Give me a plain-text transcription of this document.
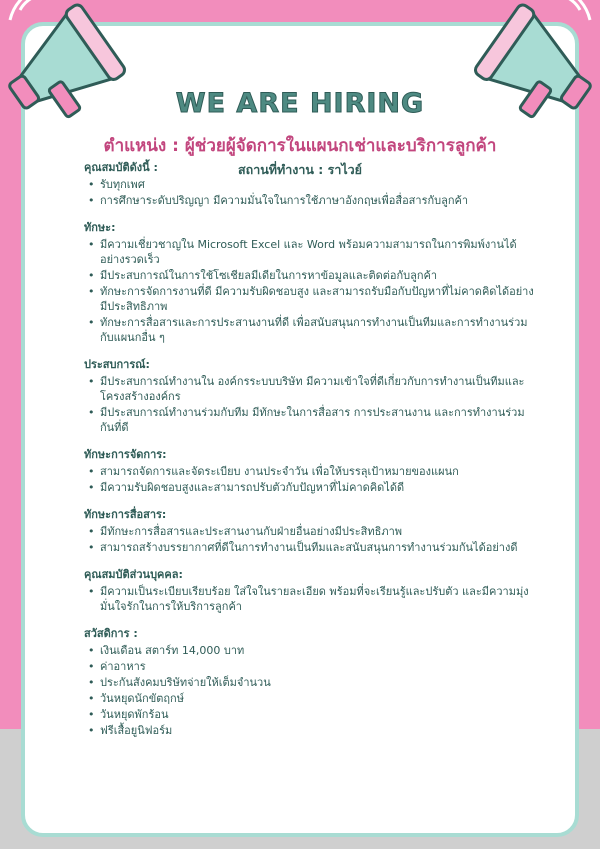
WE ARE HIRING
ตำแหน่ง : ผู้ช่วยผู้จัดการในแผนกเช่าและบริการลูกค้า
สถานที่ทำงาน : ราไวย์
คุณสมบัติดังนี้ :
• รับทุกเพศ
• การศึกษาระดับปริญญา มีความมั่นใจในการใช้ภาษาอังกฤษเพื่อสื่อสารกับลูกค้า
ทักษะ:
• มีความเชี่ยวชาญใน Microsoft Excel และ Word พร้อมความสามารถในการพิมพ์งานได้อย่างรวดเร็ว
• มีประสบการณ์ในการใช้โซเชียลมีเดียในการหาข้อมูลและติดต่อกับลูกค้า
• ทักษะการจัดการงานที่ดี มีความรับผิดชอบสูง และสามารถรับมือกับปัญหาที่ไม่คาดคิดได้อย่างมีประสิทธิภาพ
• ทักษะการสื่อสารและการประสานงานที่ดี เพื่อสนับสนุนการทำงานเป็นทีมและการทำงานร่วมกับแผนกอื่น ๆ
ประสบการณ์:
• มีประสบการณ์ทำงานใน องค์กรระบบบริษัท มีความเข้าใจที่ดีเกี่ยวกับการทำงานเป็นทีมและโครงสร้างองค์กร
• มีประสบการณ์ทำงานร่วมกับทีม มีทักษะในการสื่อสาร การประสานงาน และการทำงานร่วมกันที่ดี
ทักษะการจัดการ:
• สามารถจัดการและจัดระเบียบ งานประจำวัน เพื่อให้บรรลุเป้าหมายของแผนก
• มีความรับผิดชอบสูงและสามารถปรับตัวกับปัญหาที่ไม่คาดคิดได้ดี
ทักษะการสื่อสาร:
• มีทักษะการสื่อสารและประสานงานกับฝ่ายอื่นอย่างมีประสิทธิภาพ
• สามารถสร้างบรรยากาศที่ดีในการทำงานเป็นทีมและสนับสนุนการทำงานร่วมกันได้อย่างดี
คุณสมบัติส่วนบุคคล:
• มีความเป็นระเบียบเรียบร้อย ใส่ใจในรายละเอียด พร้อมที่จะเรียนรู้และปรับตัว และมีความมุ่งมั่นใจรักในการให้บริการลูกค้า
สวัสดิการ :
• เงินเดือน สตาร์ท 14,000 บาท
• ค่าอาหาร
• ประกันสังคมบริษัทจ่ายให้เต็มจำนวน
• วันหยุดนักขัตฤกษ์
• วันหยุดพักร้อน
• ฟรีเสื้อยูนิฟอร์ม
